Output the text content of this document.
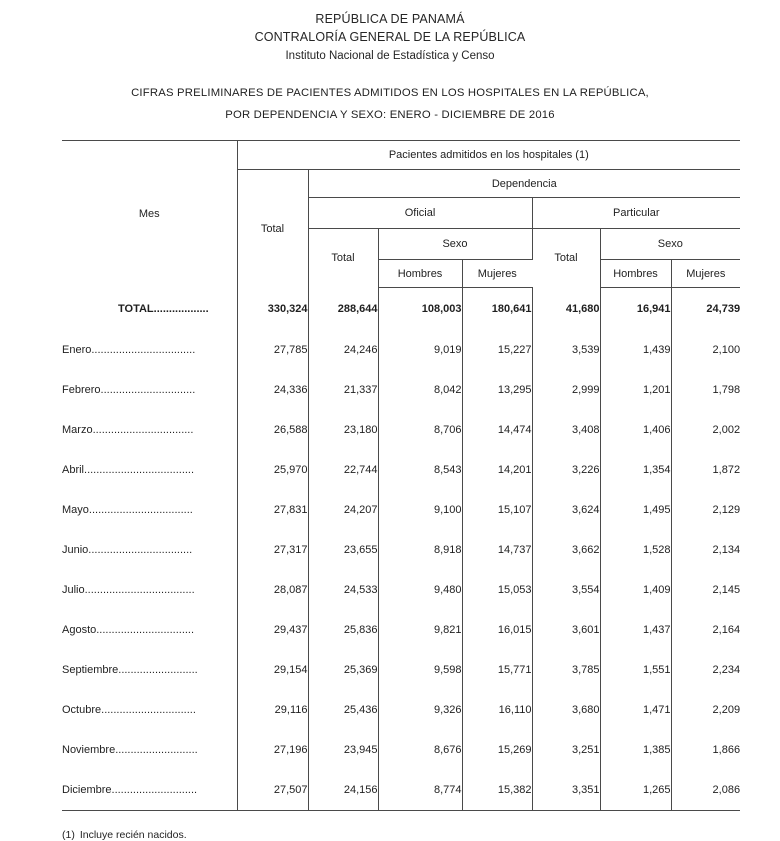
REPÚBLICA DE PANAMÁ
CONTRALORÍA GENERAL DE LA REPÚBLICA
Instituto Nacional de Estadística y Censo
CIFRAS PRELIMINARES DE PACIENTES ADMITIDOS EN LOS HOSPITALES EN LA REPÚBLICA,
POR DEPENDENCIA Y SEXO: ENERO - DICIEMBRE DE 2016
Mes	Pacientes admitidos en los hospitales (1)						
	Total	Dependencia					
		Oficial			Particular		
		Total	Sexo		Total	Sexo	
			Hombres	Mujeres		Hombres	Mujeres
TOTAL..................	330,324	288,644	108,003	180,641	41,680	16,941	24,739
Enero..................................	27,785	24,246	9,019	15,227	3,539	1,439	2,100
Febrero...............................	24,336	21,337	8,042	13,295	2,999	1,201	1,798
Marzo.................................	26,588	23,180	8,706	14,474	3,408	1,406	2,002
Abril....................................	25,970	22,744	8,543	14,201	3,226	1,354	1,872
Mayo..................................	27,831	24,207	9,100	15,107	3,624	1,495	2,129
Junio..................................	27,317	23,655	8,918	14,737	3,662	1,528	2,134
Julio....................................	28,087	24,533	9,480	15,053	3,554	1,409	2,145
Agosto................................	29,437	25,836	9,821	16,015	3,601	1,437	2,164
Septiembre..........................	29,154	25,369	9,598	15,771	3,785	1,551	2,234
Octubre...............................	29,116	25,436	9,326	16,110	3,680	1,471	2,209
Noviembre...........................	27,196	23,945	8,676	15,269	3,251	1,385	1,866
Diciembre............................	27,507	24,156	8,774	15,382	3,351	1,265	2,086
(1) Incluye recién nacidos.
